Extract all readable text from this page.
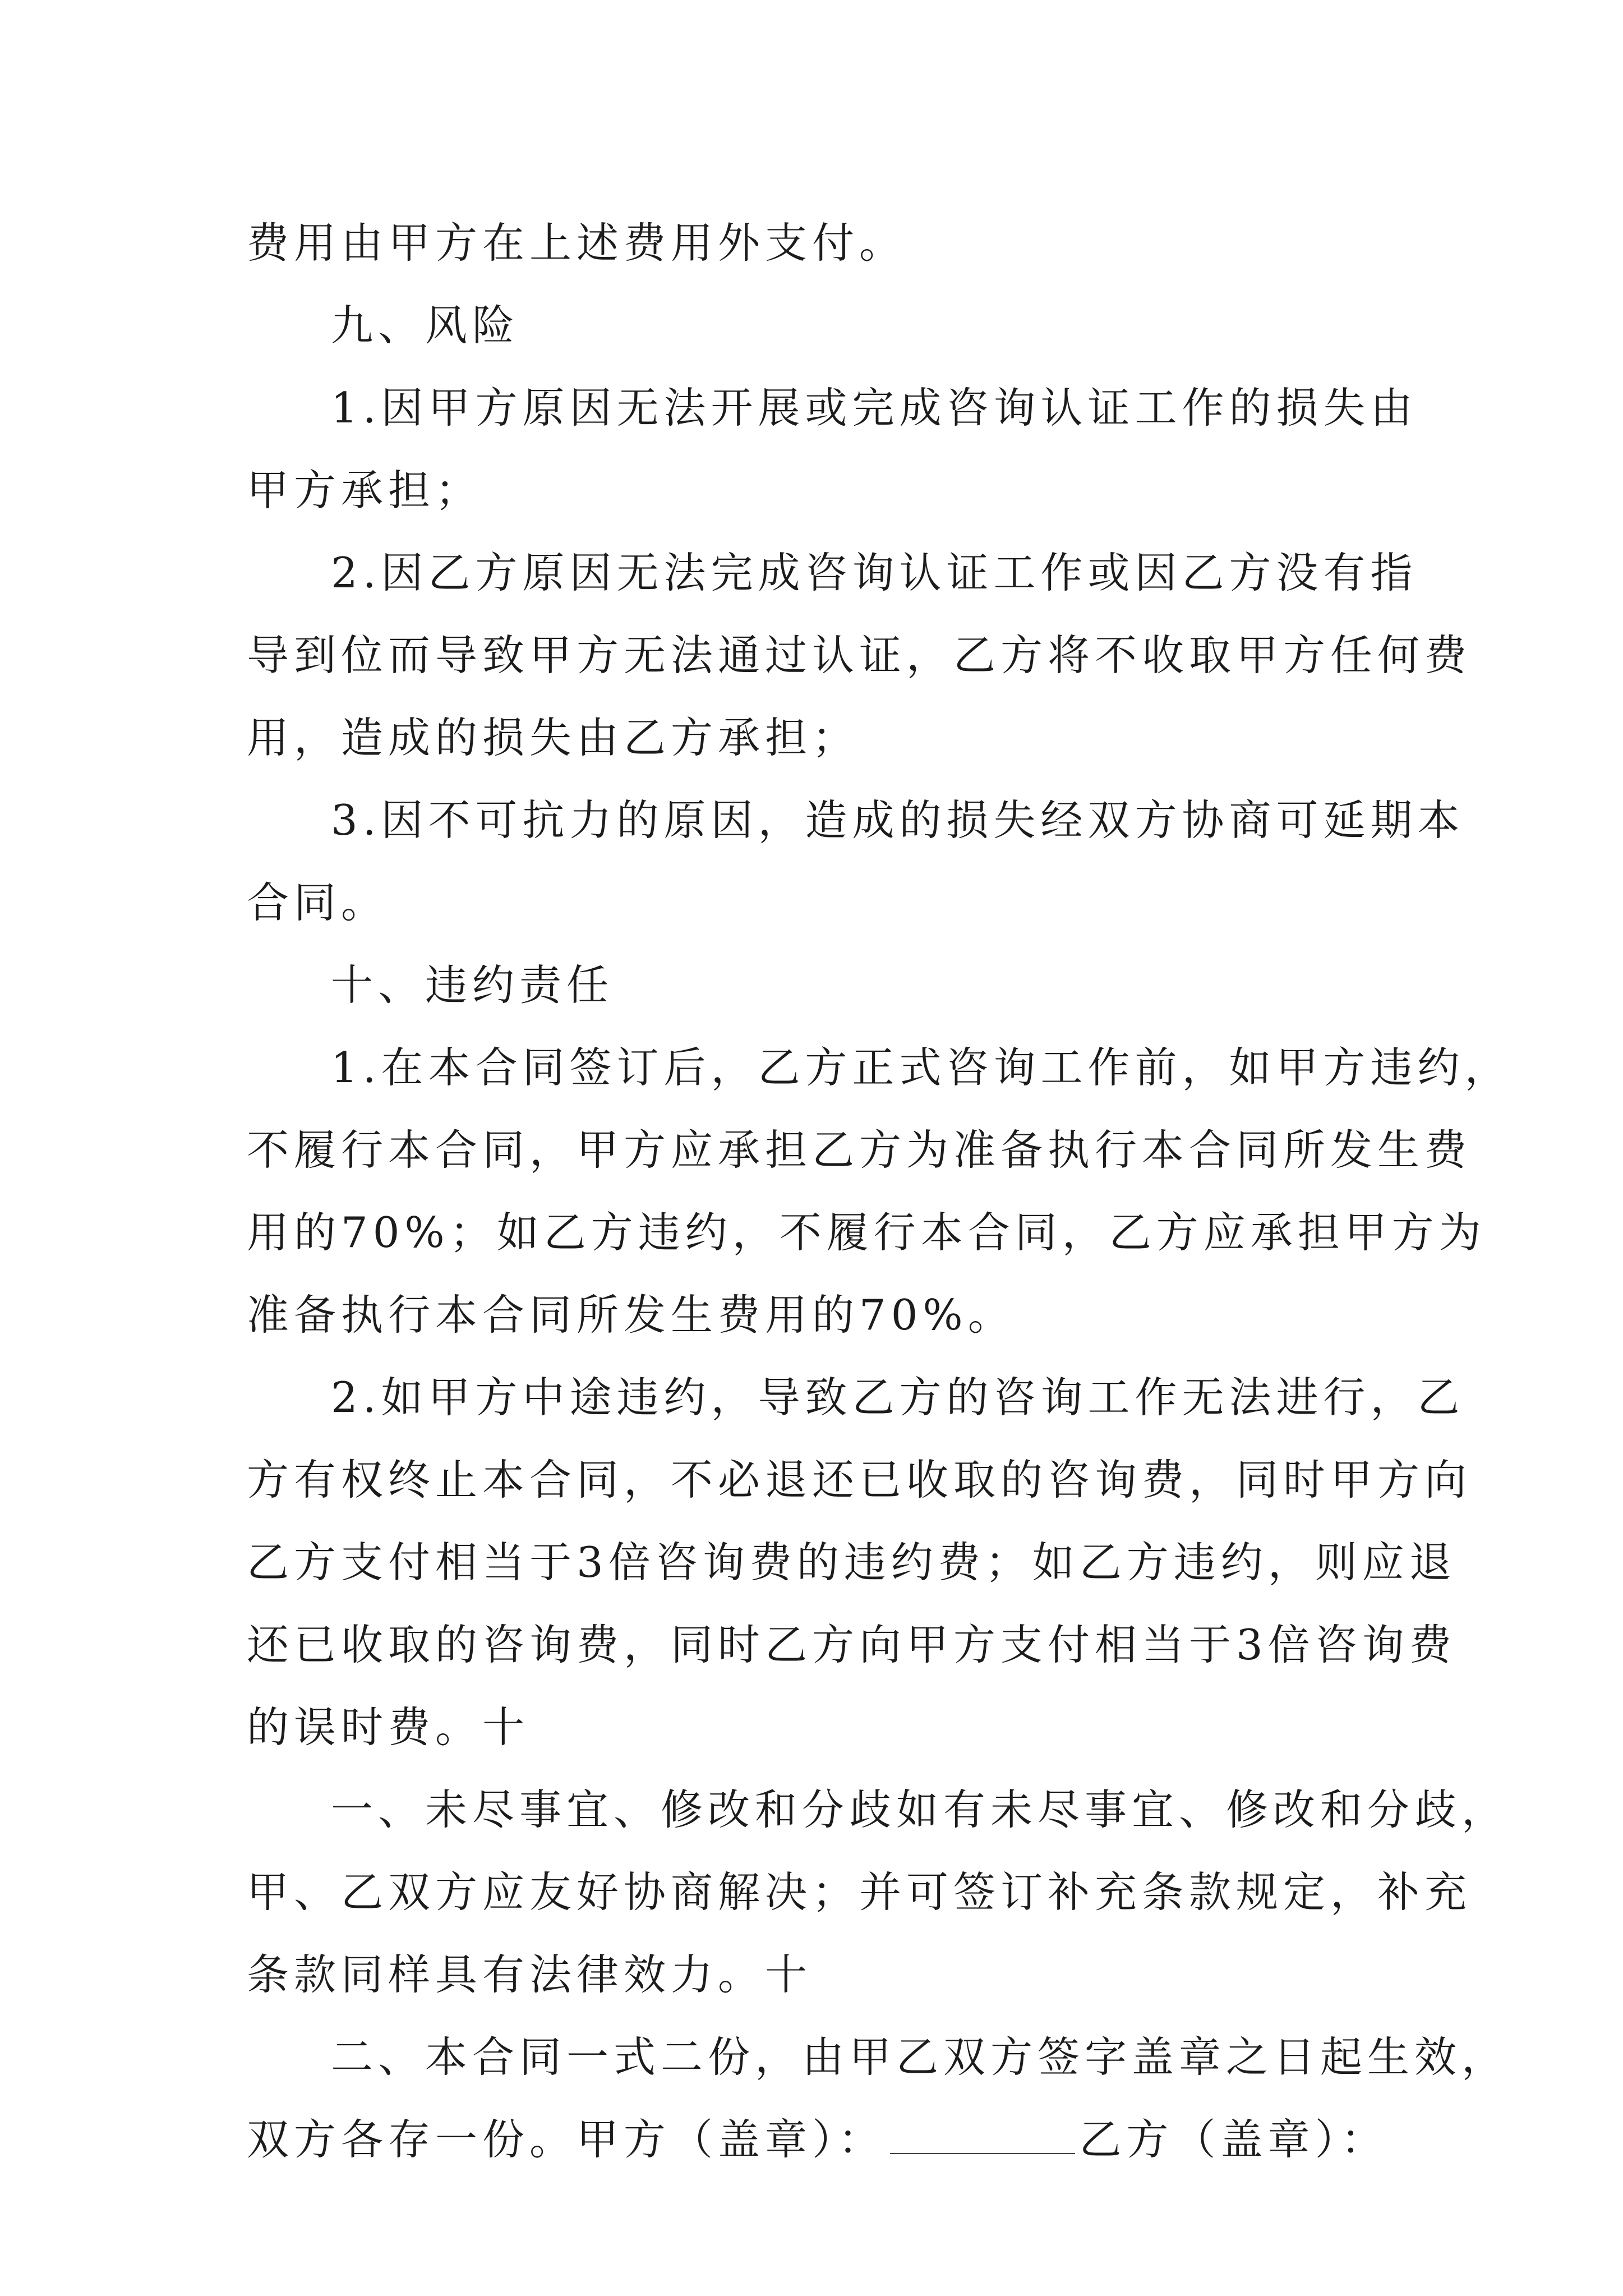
费用由甲方在上述费用外支付。
九、风险
1.因甲方原因无法开展或完成咨询认证工作的损失由
甲方承担；
2.因乙方原因无法完成咨询认证工作或因乙方没有指
导到位而导致甲方无法通过认证，乙方将不收取甲方任何费
用，造成的损失由乙方承担；
3.因不可抗力的原因，造成的损失经双方协商可延期本
合同。
十、违约责任
1.在本合同签订后，乙方正式咨询工作前，如甲方违约，
不履行本合同，甲方应承担乙方为准备执行本合同所发生费
用的70%；如乙方违约，不履行本合同，乙方应承担甲方为
准备执行本合同所发生费用的70%。
2.如甲方中途违约，导致乙方的咨询工作无法进行，乙
方有权终止本合同，不必退还已收取的咨询费，同时甲方向
乙方支付相当于3倍咨询费的违约费；如乙方违约，则应退
还已收取的咨询费，同时乙方向甲方支付相当于3倍咨询费
的误时费。十
一、未尽事宜、修改和分歧如有未尽事宜、修改和分歧，
甲、乙双方应友好协商解决；并可签订补充条款规定，补充
条款同样具有法律效力。十
二、本合同一式二份，由甲乙双方签字盖章之日起生效，
双方各存一份。甲方（盖章）：	乙方（盖章）：
